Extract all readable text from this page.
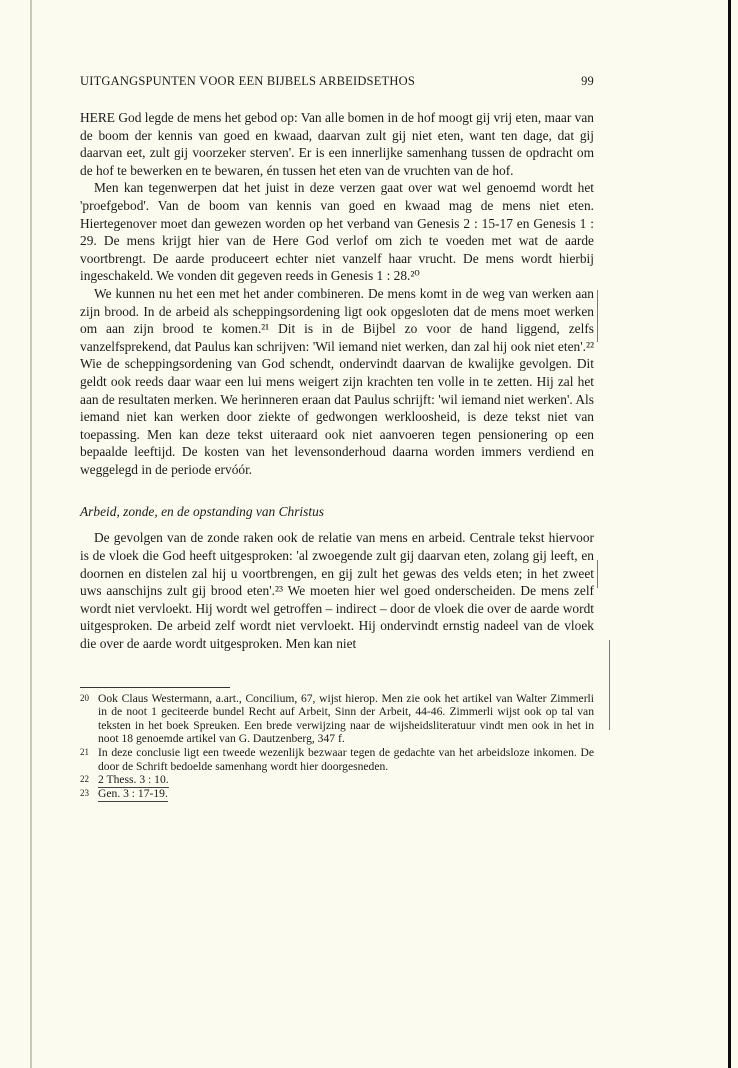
UITGANGSPUNTEN VOOR EEN BIJBELS ARBEIDSETHOS	99

HERE God legde de mens het gebod op: Van alle bomen in de hof moogt gij vrij eten, maar van de boom der kennis van goed en kwaad, daarvan zult gij niet eten, want ten dage, dat gij daarvan eet, zult gij voorzeker sterven'. Er is een innerlijke samenhang tussen de opdracht om de hof te bewerken en te bewaren, én tussen het eten van de vruchten van de hof.

Men kan tegenwerpen dat het juist in deze verzen gaat over wat wel genoemd wordt het 'proefgebod'. Van de boom van kennis van goed en kwaad mag de mens niet eten. Hiertegenover moet dan gewezen worden op het verband van Genesis 2 : 15-17 en Genesis 1 : 29. De mens krijgt hier van de Here God verlof om zich te voeden met wat de aarde voortbrengt. De aarde produceert echter niet vanzelf haar vrucht. De mens wordt hierbij ingeschakeld. We vonden dit gegeven reeds in Genesis 1 : 28.²⁰

We kunnen nu het een met het ander combineren. De mens komt in de weg van werken aan zijn brood. In de arbeid als scheppingsordening ligt ook opgesloten dat de mens moet werken om aan zijn brood te komen.²¹ Dit is in de Bijbel zo voor de hand liggend, zelfs vanzelfsprekend, dat Paulus kan schrijven: 'Wil iemand niet werken, dan zal hij ook niet eten'.²² Wie de scheppingsordening van God schendt, ondervindt daarvan de kwalijke gevolgen. Dit geldt ook reeds daar waar een lui mens weigert zijn krachten ten volle in te zetten. Hij zal het aan de resultaten merken. We herinneren eraan dat Paulus schrijft: 'wil iemand niet werken'. Als iemand niet kan werken door ziekte of gedwongen werkloosheid, is deze tekst niet van toepassing. Men kan deze tekst uiteraard ook niet aanvoeren tegen pensionering op een bepaalde leeftijd. De kosten van het levensonderhoud daarna worden immers verdiend en weggelegd in de periode ervóór.

Arbeid, zonde, en de opstanding van Christus

De gevolgen van de zonde raken ook de relatie van mens en arbeid. Centrale tekst hiervoor is de vloek die God heeft uitgesproken: 'al zwoegende zult gij daarvan eten, zolang gij leeft, en doornen en distelen zal hij u voortbrengen, en gij zult het gewas des velds eten; in het zweet uws aanschijns zult gij brood eten'.²³ We moeten hier wel goed onderscheiden. De mens zelf wordt niet vervloekt. Hij wordt wel getroffen – indirect – door de vloek die over de aarde wordt uitgesproken. De arbeid zelf wordt niet vervloekt. Hij ondervindt ernstig nadeel van de vloek die over de aarde wordt uitgesproken. Men kan niet

20 Ook Claus Westermann, a.art., Concilium, 67, wijst hierop. Men zie ook het artikel van Walter Zimmerli in de noot 1 geciteerde bundel Recht auf Arbeit, Sinn der Arbeit, 44-46. Zimmerli wijst ook op tal van teksten in het boek Spreuken. Een brede verwijzing naar de wijsheidsliteratuur vindt men ook in het in noot 18 genoemde artikel van G. Dautzenberg, 347 f.
21 In deze conclusie ligt een tweede wezenlijk bezwaar tegen de gedachte van het arbeidsloze inkomen. De door de Schrift bedoelde samenhang wordt hier doorgesneden.
22 2 Thess. 3 : 10.
23 Gen. 3 : 17-19.
